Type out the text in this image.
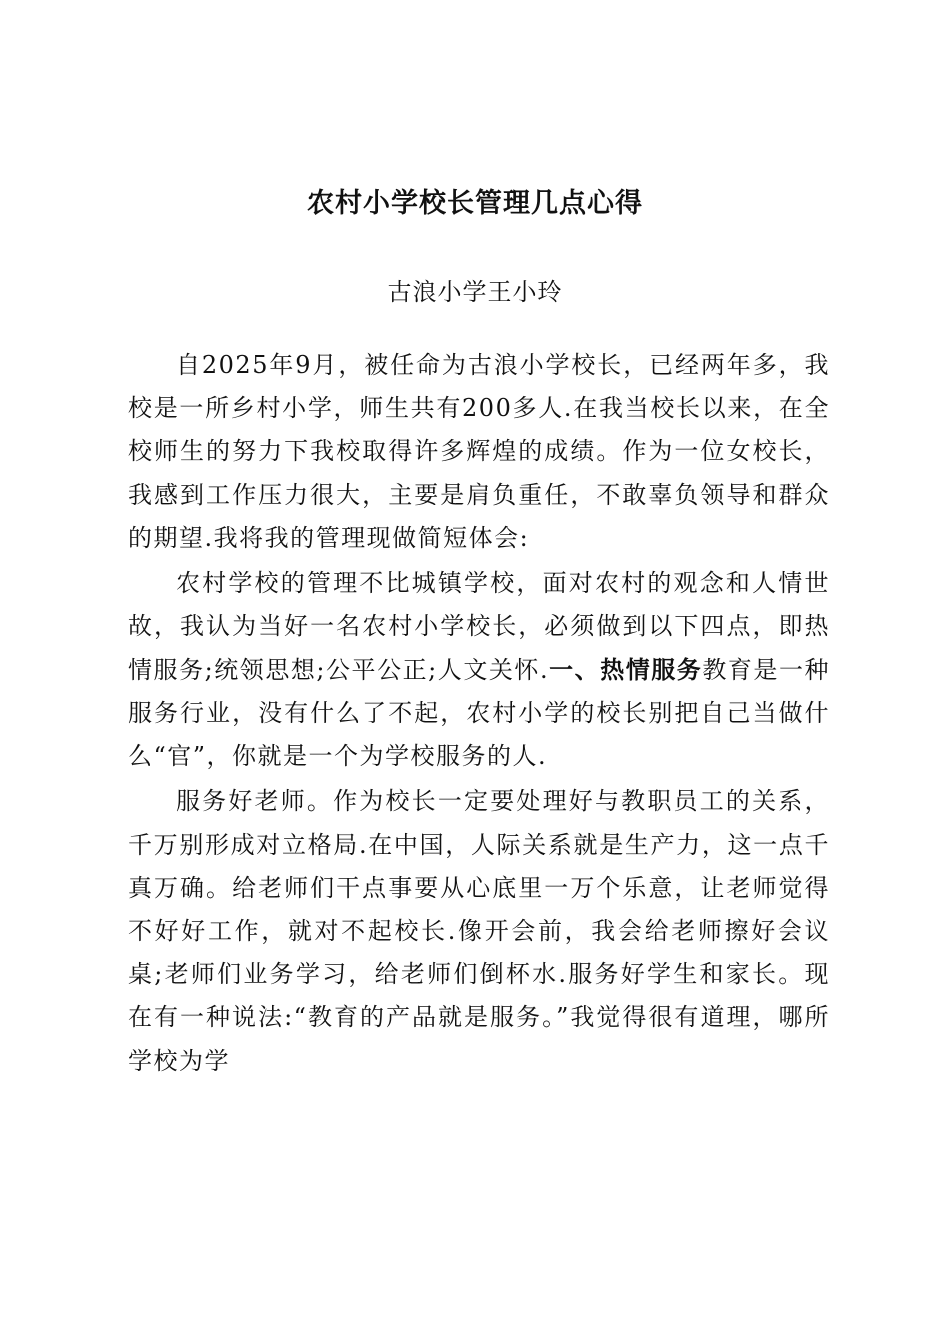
农村小学校长管理几点心得
古浪小学王小玲

自2025年9月，被任命为古浪小学校长，已经两年多，我校是一所乡村小学，师生共有200多人.在我当校长以来，在全校师生的努力下我校取得许多辉煌的成绩。作为一位女校长，我感到工作压力很大，主要是肩负重任，不敢辜负领导和群众的期望.我将我的管理现做简短体会:

农村学校的管理不比城镇学校，面对农村的观念和人情世故，我认为当好一名农村小学校长，必须做到以下四点，即热情服务;统领思想;公平公正;人文关怀.一、热情服务教育是一种服务行业，没有什么了不起，农村小学的校长别把自己当做什么“官”，你就是一个为学校服务的人.

服务好老师。作为校长一定要处理好与教职员工的关系，千万别形成对立格局.在中国，人际关系就是生产力，这一点千真万确。给老师们干点事要从心底里一万个乐意，让老师觉得不好好工作，就对不起校长.像开会前，我会给老师擦好会议桌;老师们业务学习，给老师们倒杯水.服务好学生和家长。现在有一种说法:“教育的产品就是服务。”我觉得很有道理，哪所学校为学
